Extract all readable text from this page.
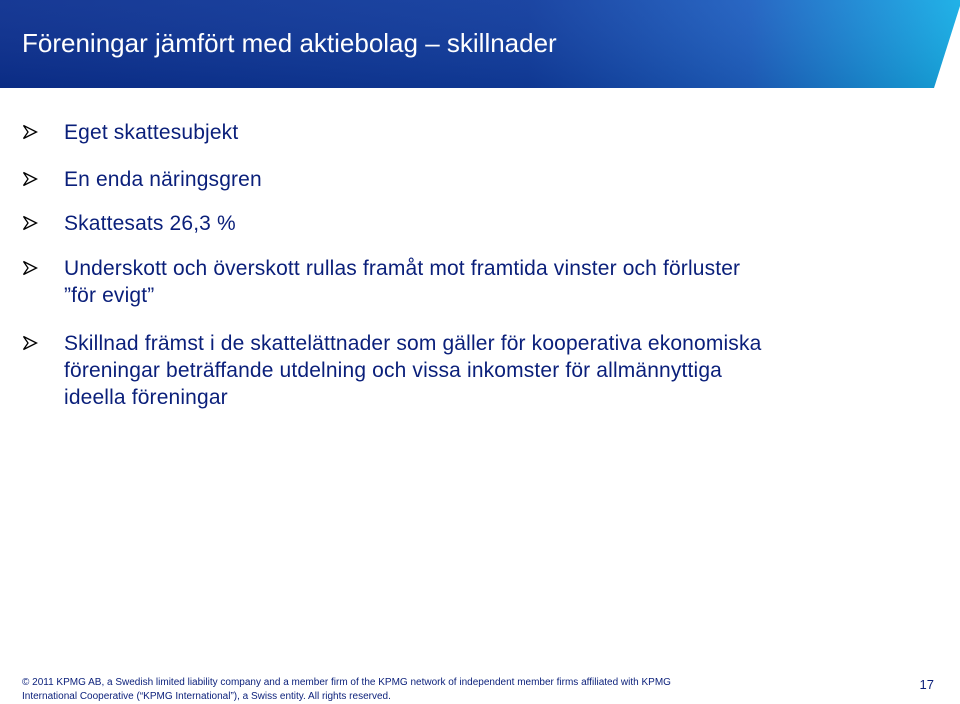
Föreningar jämfört med aktiebolag – skillnader
Eget skattesubjekt
En enda näringsgren
Skattesats 26,3 %
Underskott och överskott rullas framåt mot framtida vinster och förluster
”för evigt”
Skillnad främst i de skattelättnader som gäller för kooperativa ekonomiska
föreningar beträffande utdelning och vissa inkomster för allmännyttiga
ideella föreningar
© 2011 KPMG AB, a Swedish limited liability company and a member firm of the KPMG network of independent member firms affiliated with KPMG
International Cooperative (“KPMG International”), a Swiss entity. All rights reserved.
17
